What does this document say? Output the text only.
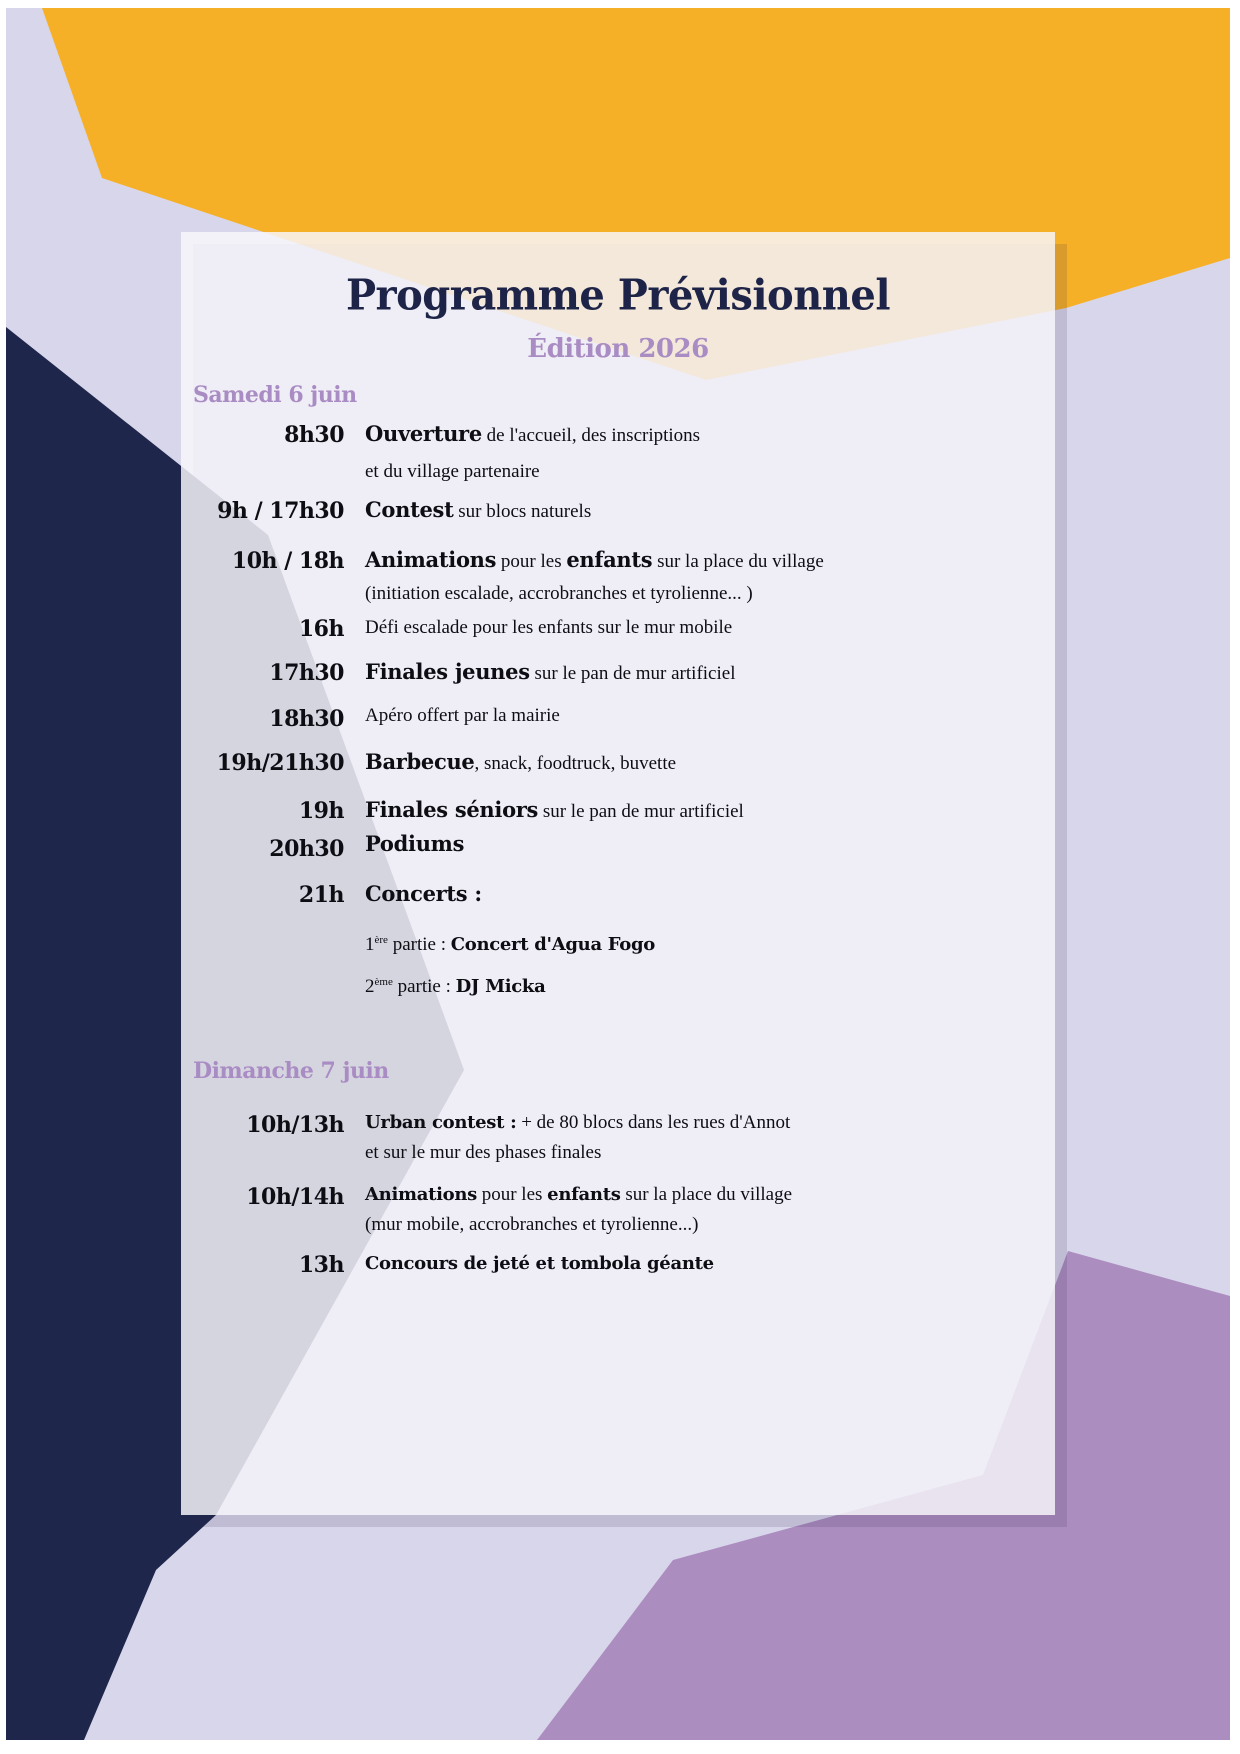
Programme Prévisionnel
Édition 2026
Samedi 6 juin
8h30 Ouverture de l'accueil, des inscriptions
et du village partenaire
9h / 17h30 Contest sur blocs naturels
10h / 18h Animations pour les enfants sur la place du village
(initiation escalade, accrobranches et tyrolienne... )
16h Défi escalade pour les enfants sur le mur mobile
17h30 Finales jeunes sur le pan de mur artificiel
18h30 Apéro offert par la mairie
19h/21h30 Barbecue, snack, foodtruck, buvette
19h Finales séniors sur le pan de mur artificiel
20h30 Podiums
21h Concerts :
1ère partie : Concert d'Agua Fogo
2ème partie : DJ Micka
Dimanche 7 juin
10h/13h Urban contest : + de 80 blocs dans les rues d'Annot
et sur le mur des phases finales
10h/14h Animations pour les enfants sur la place du village
(mur mobile, accrobranches et tyrolienne...)
13h Concours de jeté et tombola géante
